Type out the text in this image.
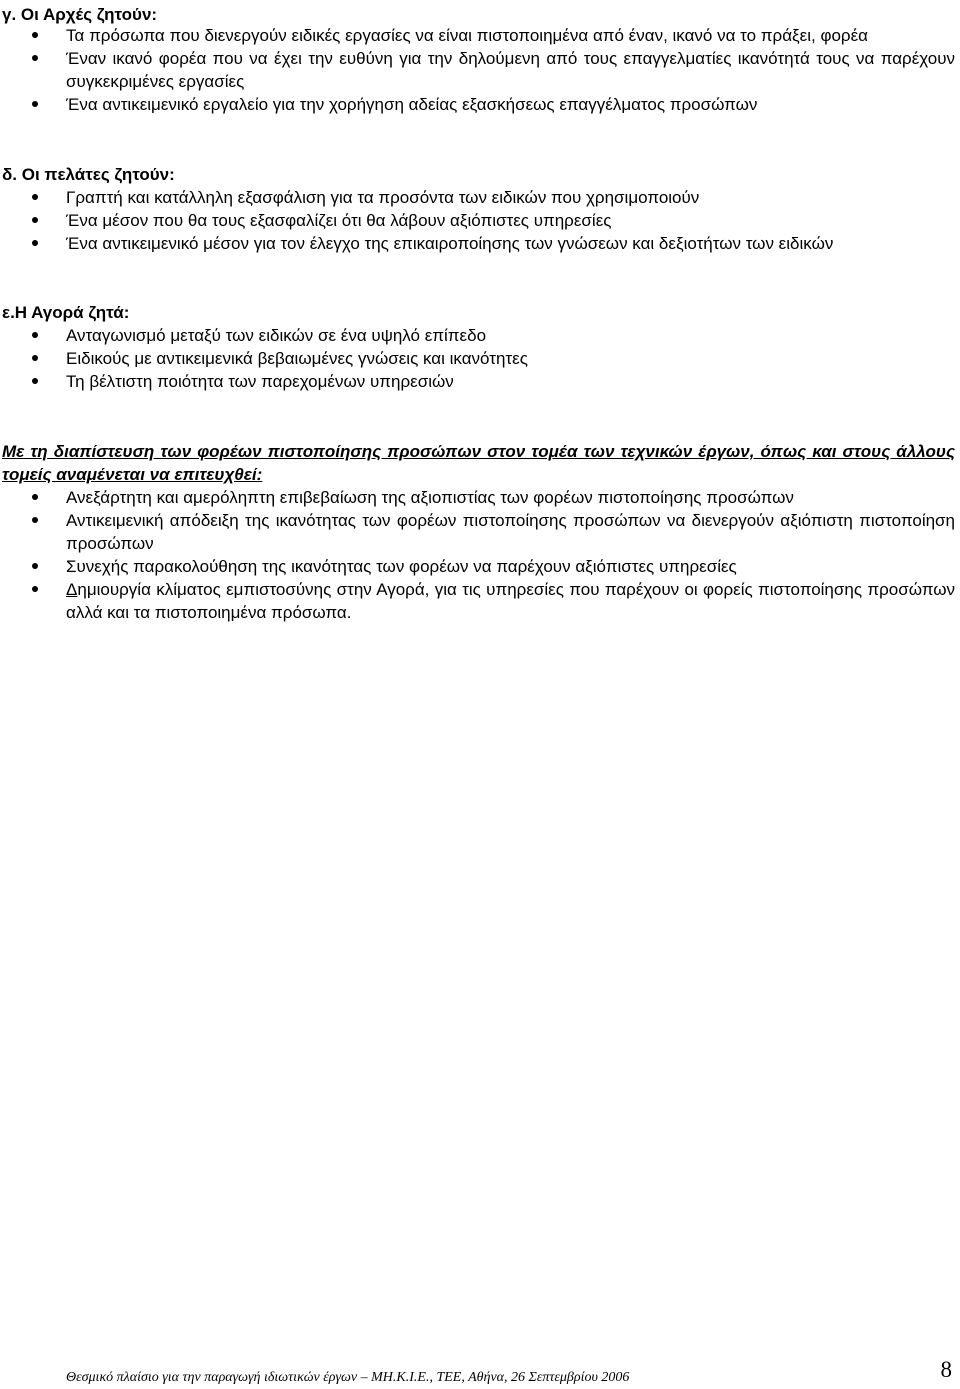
γ. Οι Αρχές ζητούν:
Τα πρόσωπα που διενεργούν ειδικές εργασίες να είναι πιστοποιημένα από έναν, ικανό να το πράξει, φορέα
Έναν ικανό φορέα που να έχει την ευθύνη για την δηλούμενη από τους επαγγελματίες ικανότητά τους να παρέχουν συγκεκριμένες εργασίες
Ένα αντικειμενικό εργαλείο για την χορήγηση αδείας εξασκήσεως επαγγέλματος προσώπων
δ. Οι πελάτες ζητούν:
Γραπτή και κατάλληλη εξασφάλιση για τα προσόντα των ειδικών που χρησιμοποιούν
Ένα μέσον που θα τους εξασφαλίζει ότι θα λάβουν αξιόπιστες υπηρεσίες
Ένα αντικειμενικό μέσον για τον έλεγχο της επικαιροποίησης των γνώσεων και δεξιοτήτων των ειδικών
ε.Η Αγορά ζητά:
Ανταγωνισμό μεταξύ των ειδικών σε ένα υψηλό επίπεδο
Ειδικούς με αντικειμενικά βεβαιωμένες γνώσεις και ικανότητες
Τη βέλτιστη ποιότητα των παρεχομένων υπηρεσιών
Με τη διαπίστευση των φορέων πιστοποίησης προσώπων στον τομέα των τεχνικών έργων, όπως και στους άλλους τομείς αναμένεται να επιτευχθεί:
Ανεξάρτητη και αμερόληπτη επιβεβαίωση της αξιοπιστίας των φορέων πιστοποίησης προσώπων
Αντικειμενική απόδειξη της ικανότητας των φορέων πιστοποίησης προσώπων να διενεργούν αξιόπιστη πιστοποίηση προσώπων
Συνεχής παρακολούθηση της ικανότητας των φορέων να παρέχουν αξιόπιστες υπηρεσίες
Δημιουργία κλίματος εμπιστοσύνης στην Αγορά, για τις υπηρεσίες που παρέχουν οι φορείς πιστοποίησης προσώπων αλλά και τα πιστοποιημένα πρόσωπα.
Θεσμικό πλαίσιο για την παραγωγή ιδιωτικών έργων – ΜΗ.Κ.Ι.Ε., ΤΕΕ, Αθήνα, 26 Σεπτεμβρίου 2006	8
